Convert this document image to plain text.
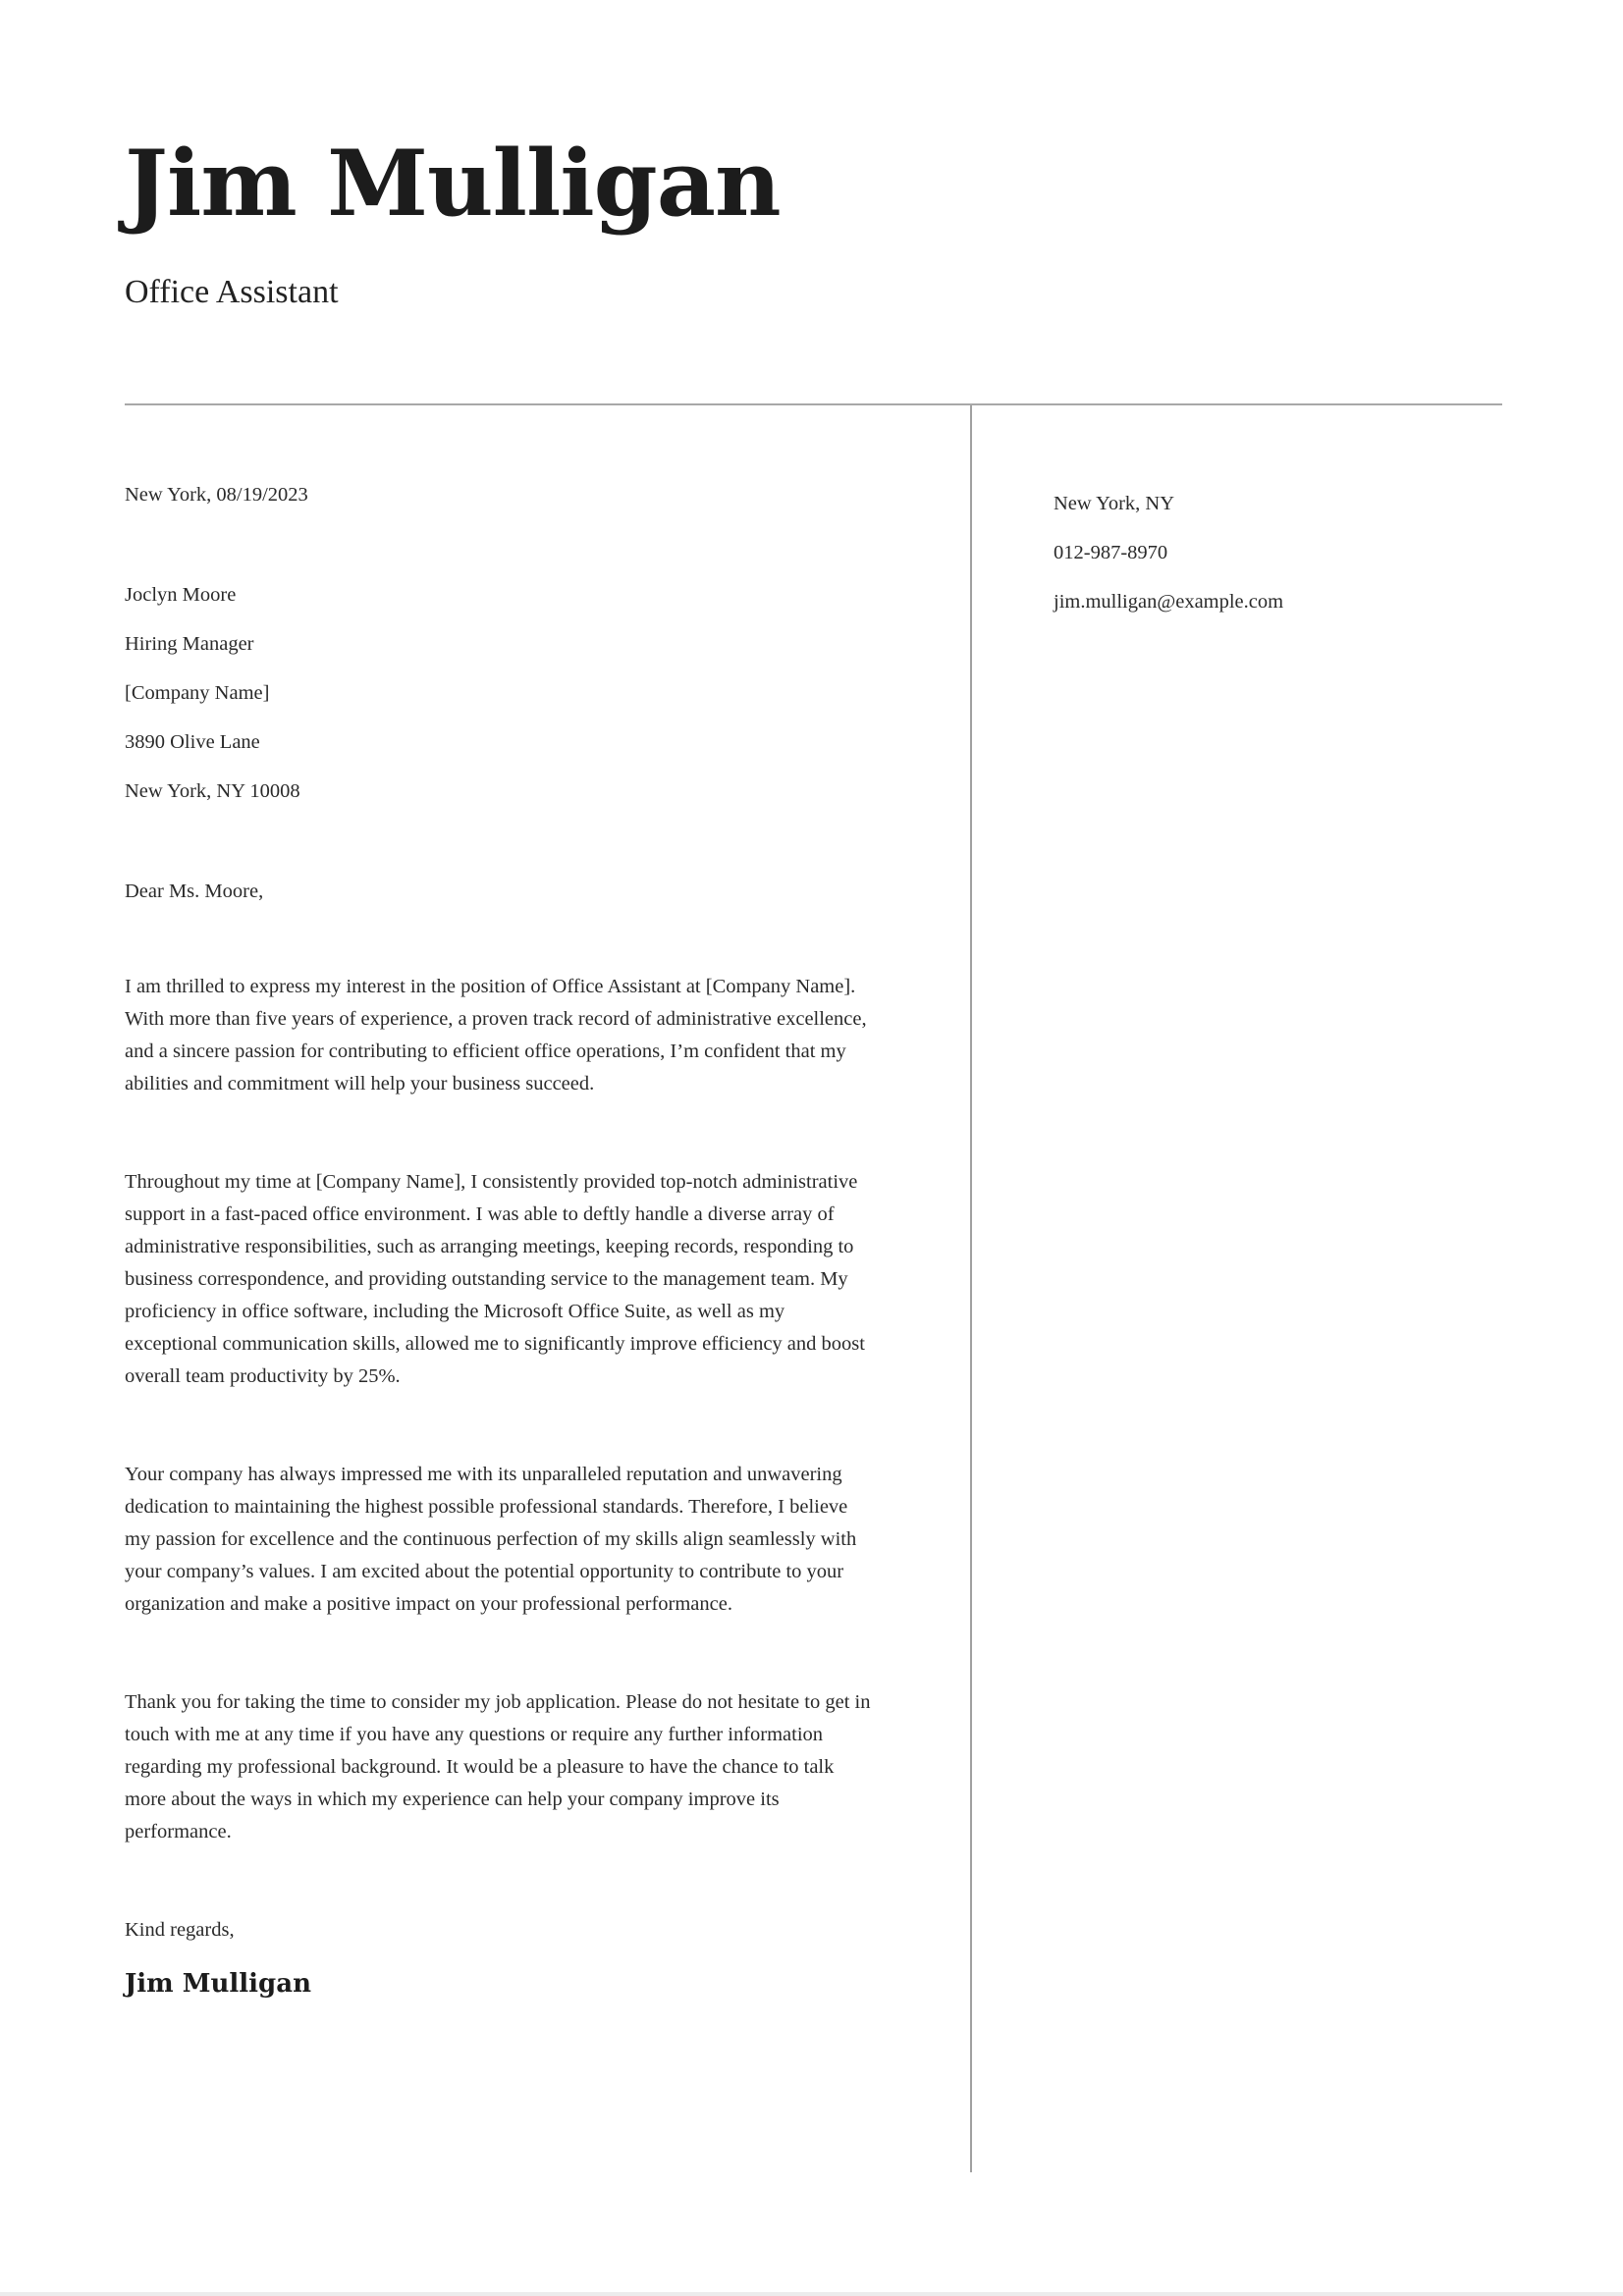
Jim Mulligan
Office Assistant

New York, 08/19/2023

Joclyn Moore

Hiring Manager

[Company Name]

3890 Olive Lane

New York, NY 10008

Dear Ms. Moore,

I am thrilled to express my interest in the position of Office Assistant at [Company Name]. With more than five years of experience, a proven track record of administrative excellence, and a sincere passion for contributing to efficient office operations, I’m confident that my abilities and commitment will help your business succeed.

Throughout my time at [Company Name], I consistently provided top-notch administrative support in a fast-paced office environment. I was able to deftly handle a diverse array of administrative responsibilities, such as arranging meetings, keeping records, responding to business correspondence, and providing outstanding service to the management team. My proficiency in office software, including the Microsoft Office Suite, as well as my exceptional communication skills, allowed me to significantly improve efficiency and boost overall team productivity by 25%.

Your company has always impressed me with its unparalleled reputation and unwavering dedication to maintaining the highest possible professional standards. Therefore, I believe my passion for excellence and the continuous perfection of my skills align seamlessly with your company’s values. I am excited about the potential opportunity to contribute to your organization and make a positive impact on your professional performance.

Thank you for taking the time to consider my job application. Please do not hesitate to get in touch with me at any time if you have any questions or require any further information regarding my professional background. It would be a pleasure to have the chance to talk more about the ways in which my experience can help your company improve its performance.

Kind regards,

Jim Mulligan

New York, NY

012-987-8970

jim.mulligan@example.com
